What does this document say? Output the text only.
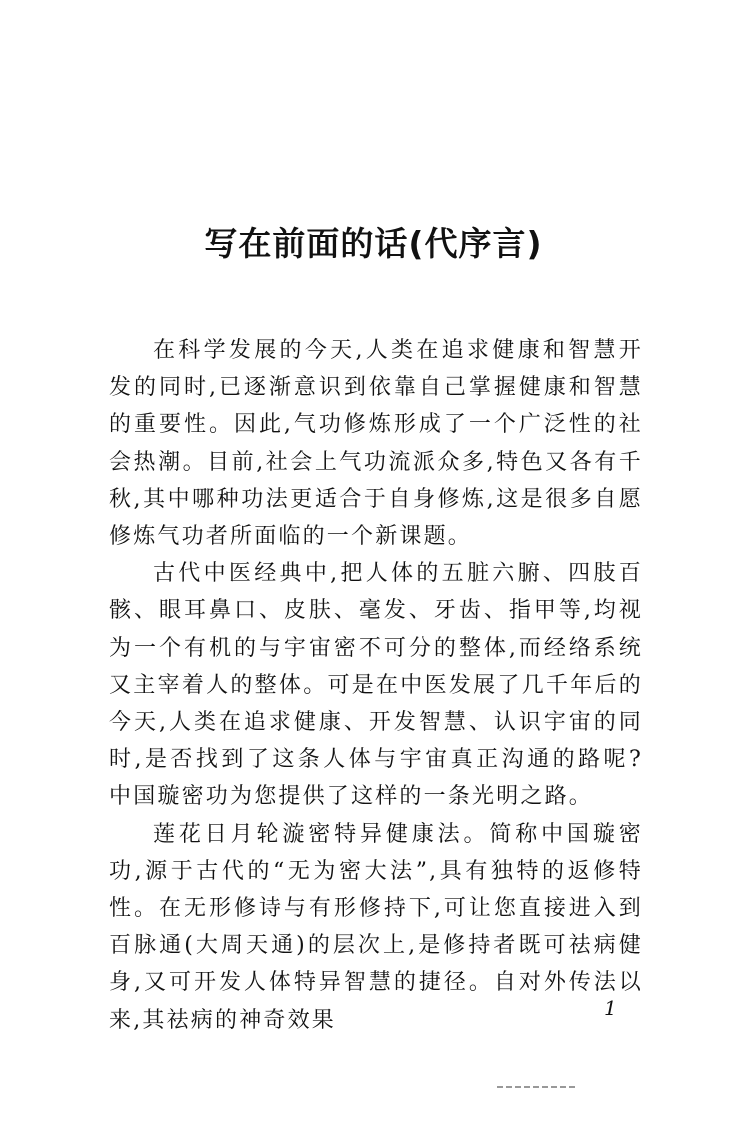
写在前面的话(代序言)

在科学发展的今天,人类在追求健康和智慧开发的同时,已逐渐意识到依靠自己掌握健康和智慧的重要性。因此,气功修炼形成了一个广泛性的社会热潮。目前,社会上气功流派众多,特色又各有千秋,其中哪种功法更适合于自身修炼,这是很多自愿修炼气功者所面临的一个新课题。

古代中医经典中,把人体的五脏六腑、四肢百骸、眼耳鼻口、皮肤、毫发、牙齿、指甲等,均视为一个有机的与宇宙密不可分的整体,而经络系统又主宰着人的整体。可是在中医发展了几千年后的今天,人类在追求健康、开发智慧、认识宇宙的同时,是否找到了这条人体与宇宙真正沟通的路呢? 中国璇密功为您提供了这样的一条光明之路。

莲花日月轮漩密特异健康法。简称中国璇密功,源于古代的“无为密大法”,具有独特的返修特性。在无形修诗与有形修持下,可让您直接进入到百脉通(大周天通)的层次上,是修持者既可祛病健身,又可开发人体特异智慧的捷径。自对外传法以来,其祛病的神奇效果	1
